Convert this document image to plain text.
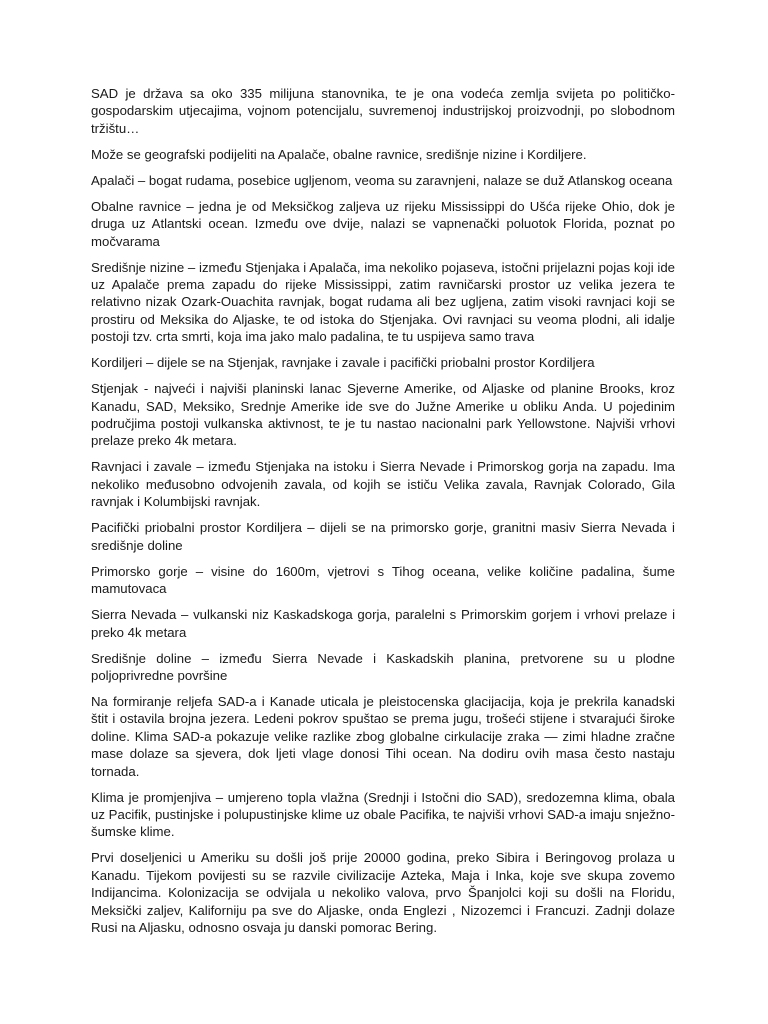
SAD je država sa oko 335 milijuna stanovnika, te je ona vodeća zemlja svijeta po političko-gospodarskim utjecajima, vojnom potencijalu, suvremenoj industrijskoj proizvodnji, po slobodnom tržištu…

Može se geografski podijeliti na Apalače, obalne ravnice, središnje nizine i Kordiljere.

Apalači – bogat rudama, posebice ugljenom, veoma su zaravnjeni, nalaze se duž Atlanskog oceana

Obalne ravnice – jedna je od Meksičkog zaljeva uz rijeku Mississippi do Ušća rijeke Ohio, dok je druga uz Atlantski ocean. Između ove dvije, nalazi se vapnenački poluotok Florida, poznat po močvarama

Središnje nizine – između Stjenjaka i Apalača, ima nekoliko pojaseva, istočni prijelazni pojas koji ide uz Apalače prema zapadu do rijeke Mississippi, zatim ravničarski prostor uz velika jezera te relativno nizak Ozark-Ouachita ravnjak, bogat rudama ali bez ugljena, zatim visoki ravnjaci koji se prostiru od Meksika do Aljaske, te od istoka do Stjenjaka. Ovi ravnjaci su veoma plodni, ali idalje postoji tzv. crta smrti, koja ima jako malo padalina, te tu uspijeva samo trava

Kordiljeri – dijele se na Stjenjak, ravnjake i zavale i pacifički priobalni prostor Kordiljera

Stjenjak - najveći i najviši planinski lanac Sjeverne Amerike, od Aljaske od planine Brooks, kroz Kanadu, SAD, Meksiko, Srednje Amerike ide sve do Južne Amerike u obliku Anda. U pojedinim područjima postoji vulkanska aktivnost, te je tu nastao nacionalni park Yellowstone. Najviši vrhovi prelaze preko 4k metara.

Ravnjaci i zavale – između Stjenjaka na istoku i Sierra Nevade i Primorskog gorja na zapadu. Ima nekoliko međusobno odvojenih zavala, od kojih se ističu Velika zavala, Ravnjak Colorado, Gila ravnjak i Kolumbijski ravnjak.

Pacifički priobalni prostor Kordiljera – dijeli se na primorsko gorje, granitni masiv Sierra Nevada i središnje doline

Primorsko gorje – visine do 1600m, vjetrovi s Tihog oceana, velike količine padalina, šume mamutovaca

Sierra Nevada – vulkanski niz Kaskadskoga gorja, paralelni s Primorskim gorjem i vrhovi prelaze i preko 4k metara

Središnje doline – između Sierra Nevade i Kaskadskih planina, pretvorene su u plodne poljoprivredne površine

Na formiranje reljefa SAD-a i Kanade uticala je pleistocenska glacijacija, koja je prekrila kanadski štit i ostavila brojna jezera. Ledeni pokrov spuštao se prema jugu, trošeći stijene i stvarajući široke doline. Klima SAD-a pokazuje velike razlike zbog globalne cirkulacije zraka — zimi hladne zračne mase dolaze sa sjevera, dok ljeti vlage donosi Tihi ocean. Na dodiru ovih masa često nastaju tornada.

Klima je promjenjiva – umjereno topla vlažna (Srednji i Istočni dio SAD), sredozemna klima, obala uz Pacifik, pustinjske i polupustinjske klime uz obale Pacifika, te najviši vrhovi SAD-a imaju snježno-šumske klime.

Prvi doseljenici u Ameriku su došli još prije 20000 godina, preko Sibira i Beringovog prolaza u Kanadu. Tijekom povijesti su se razvile civilizacije Azteka, Maja i Inka, koje sve skupa zovemo Indijancima. Kolonizacija se odvijala u nekoliko valova, prvo Španjolci koji su došli na Floridu, Meksički zaljev, Kaliforniju pa sve do Aljaske, onda Englezi , Nizozemci i Francuzi. Zadnji dolaze Rusi na Aljasku, odnosno osvaja ju danski pomorac Bering.
